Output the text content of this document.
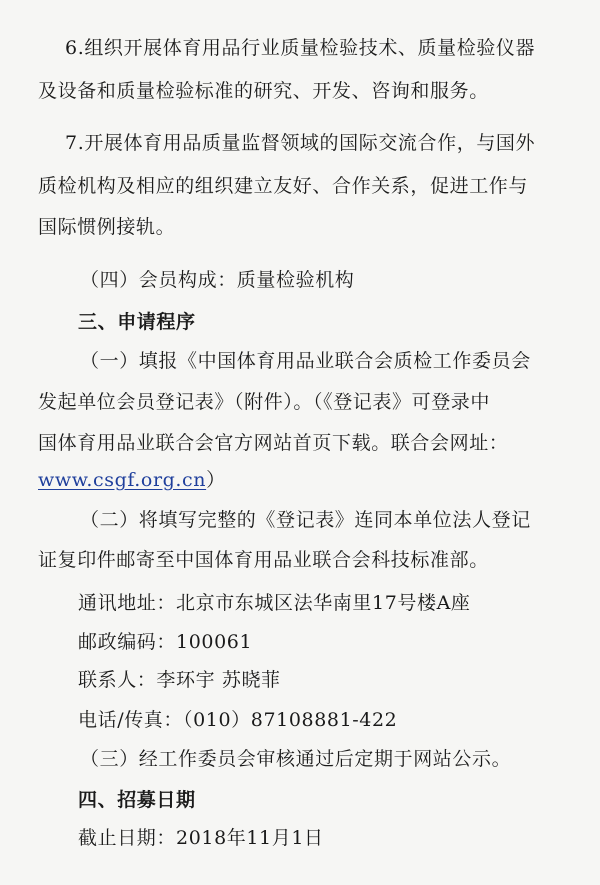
6.组织开展体育用品行业质量检验技术、质量检验仪器
及设备和质量检验标准的研究、开发、咨询和服务。
7.开展体育用品质量监督领域的国际交流合作，与国外
质检机构及相应的组织建立友好、合作关系，促进工作与
国际惯例接轨。
（四）会员构成：质量检验机构
三、申请程序
（一）填报《中国体育用品业联合会质检工作委员会
发起单位会员登记表》（附件）。（《登记表》可登录中
国体育用品业联合会官方网站首页下载。联合会网址：
www.csgf.org.cn）
（二）将填写完整的《登记表》连同本单位法人登记
证复印件邮寄至中国体育用品业联合会科技标准部。
通讯地址：北京市东城区法华南里17号楼A座
邮政编码：100061
联系人：李环宇 苏晓菲
电话/传真：（010）87108881-422
（三）经工作委员会审核通过后定期于网站公示。
四、招募日期
截止日期：2018年11月1日
